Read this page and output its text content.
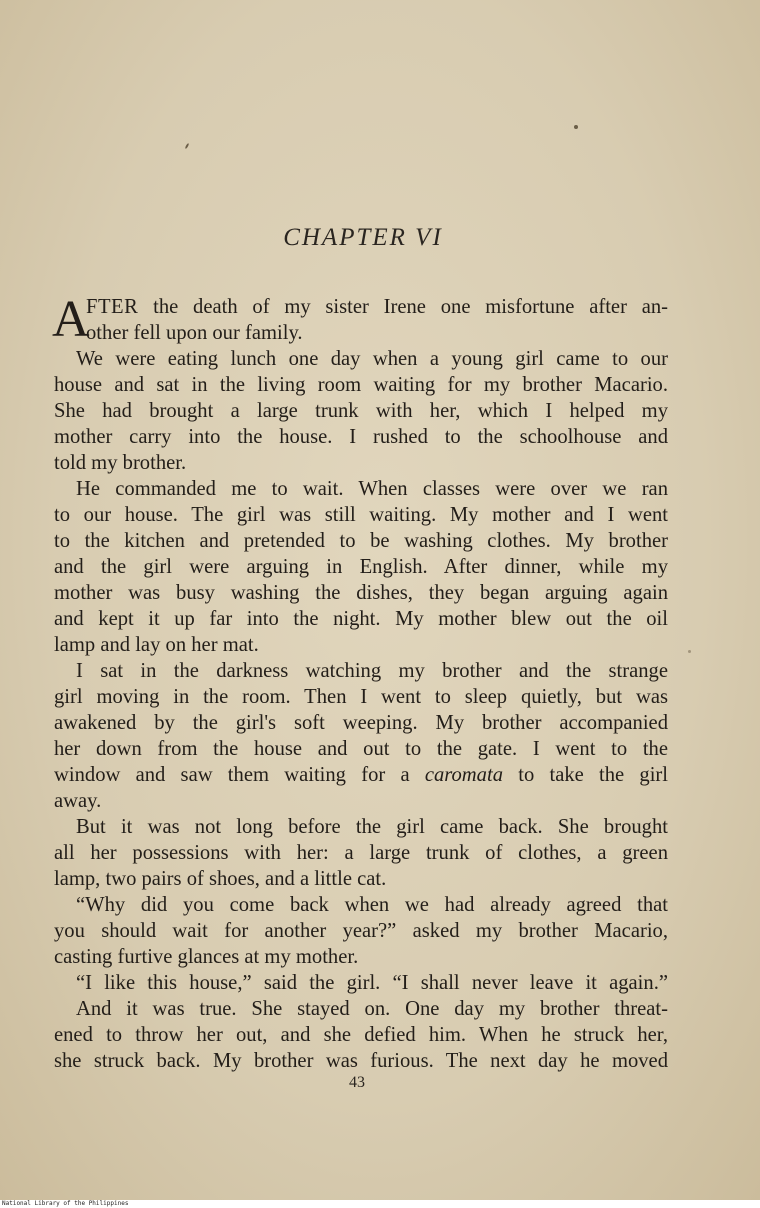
CHAPTER VI
A
FTER the death of my sister Irene one misfortune after an-
other fell upon our family.
We were eating lunch one day when a young girl came to our
house and sat in the living room waiting for my brother Macario.
She had brought a large trunk with her, which I helped my
mother carry into the house. I rushed to the schoolhouse and
told my brother.
He commanded me to wait. When classes were over we ran
to our house. The girl was still waiting. My mother and I went
to the kitchen and pretended to be washing clothes. My brother
and the girl were arguing in English. After dinner, while my
mother was busy washing the dishes, they began arguing again
and kept it up far into the night. My mother blew out the oil
lamp and lay on her mat.
I sat in the darkness watching my brother and the strange
girl moving in the room. Then I went to sleep quietly, but was
awakened by the girl's soft weeping. My brother accompanied
her down from the house and out to the gate. I went to the
window and saw them waiting for a caromata to take the girl
away.
But it was not long before the girl came back. She brought
all her possessions with her: a large trunk of clothes, a green
lamp, two pairs of shoes, and a little cat.
“Why did you come back when we had already agreed that
you should wait for another year?” asked my brother Macario,
casting furtive glances at my mother.
“I like this house,” said the girl. “I shall never leave it again.”
And it was true. She stayed on. One day my brother threat-
ened to throw her out, and she defied him. When he struck her,
she struck back. My brother was furious. The next day he moved
43
National Library of the Philippines
